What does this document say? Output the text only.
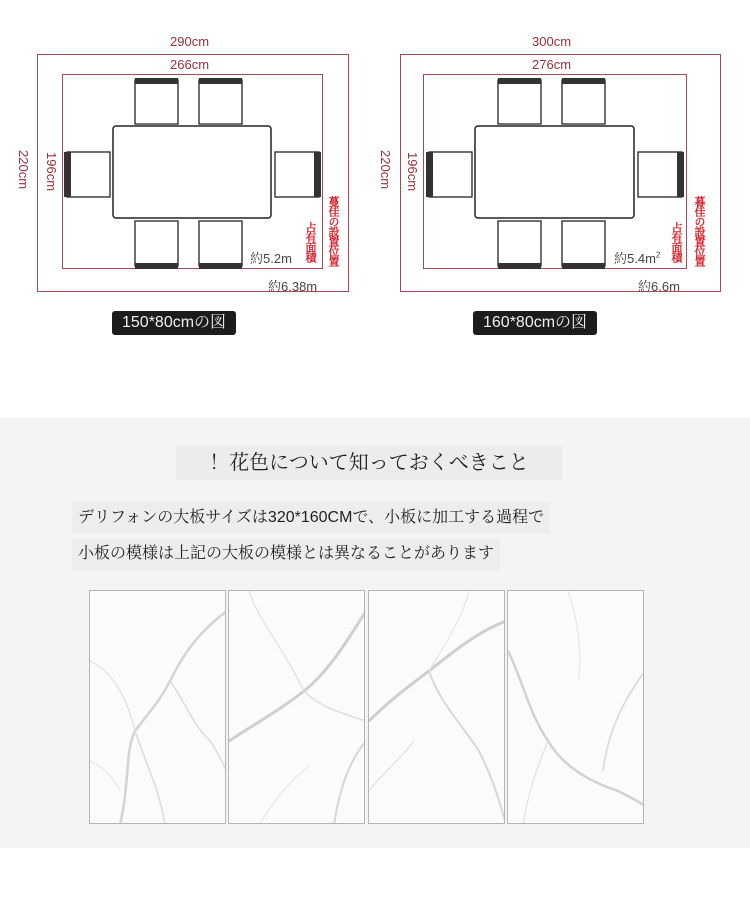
290cm
266cm
220cm 196cm
約5.2m
約6.38m
占有面積 蔓佳の設置位置
150*80cmの図
300cm
276cm
220cm 196cm
約$5.4m^2$
約6.6m
占有面積 暮佳の設置位置
160*80cmの図
！花色について知っておくべきこと
デリフォンの大板サイズは320*160CMで、小板に加工する過程で
小板の模様は上記の大板の模様とは異なることがあります
